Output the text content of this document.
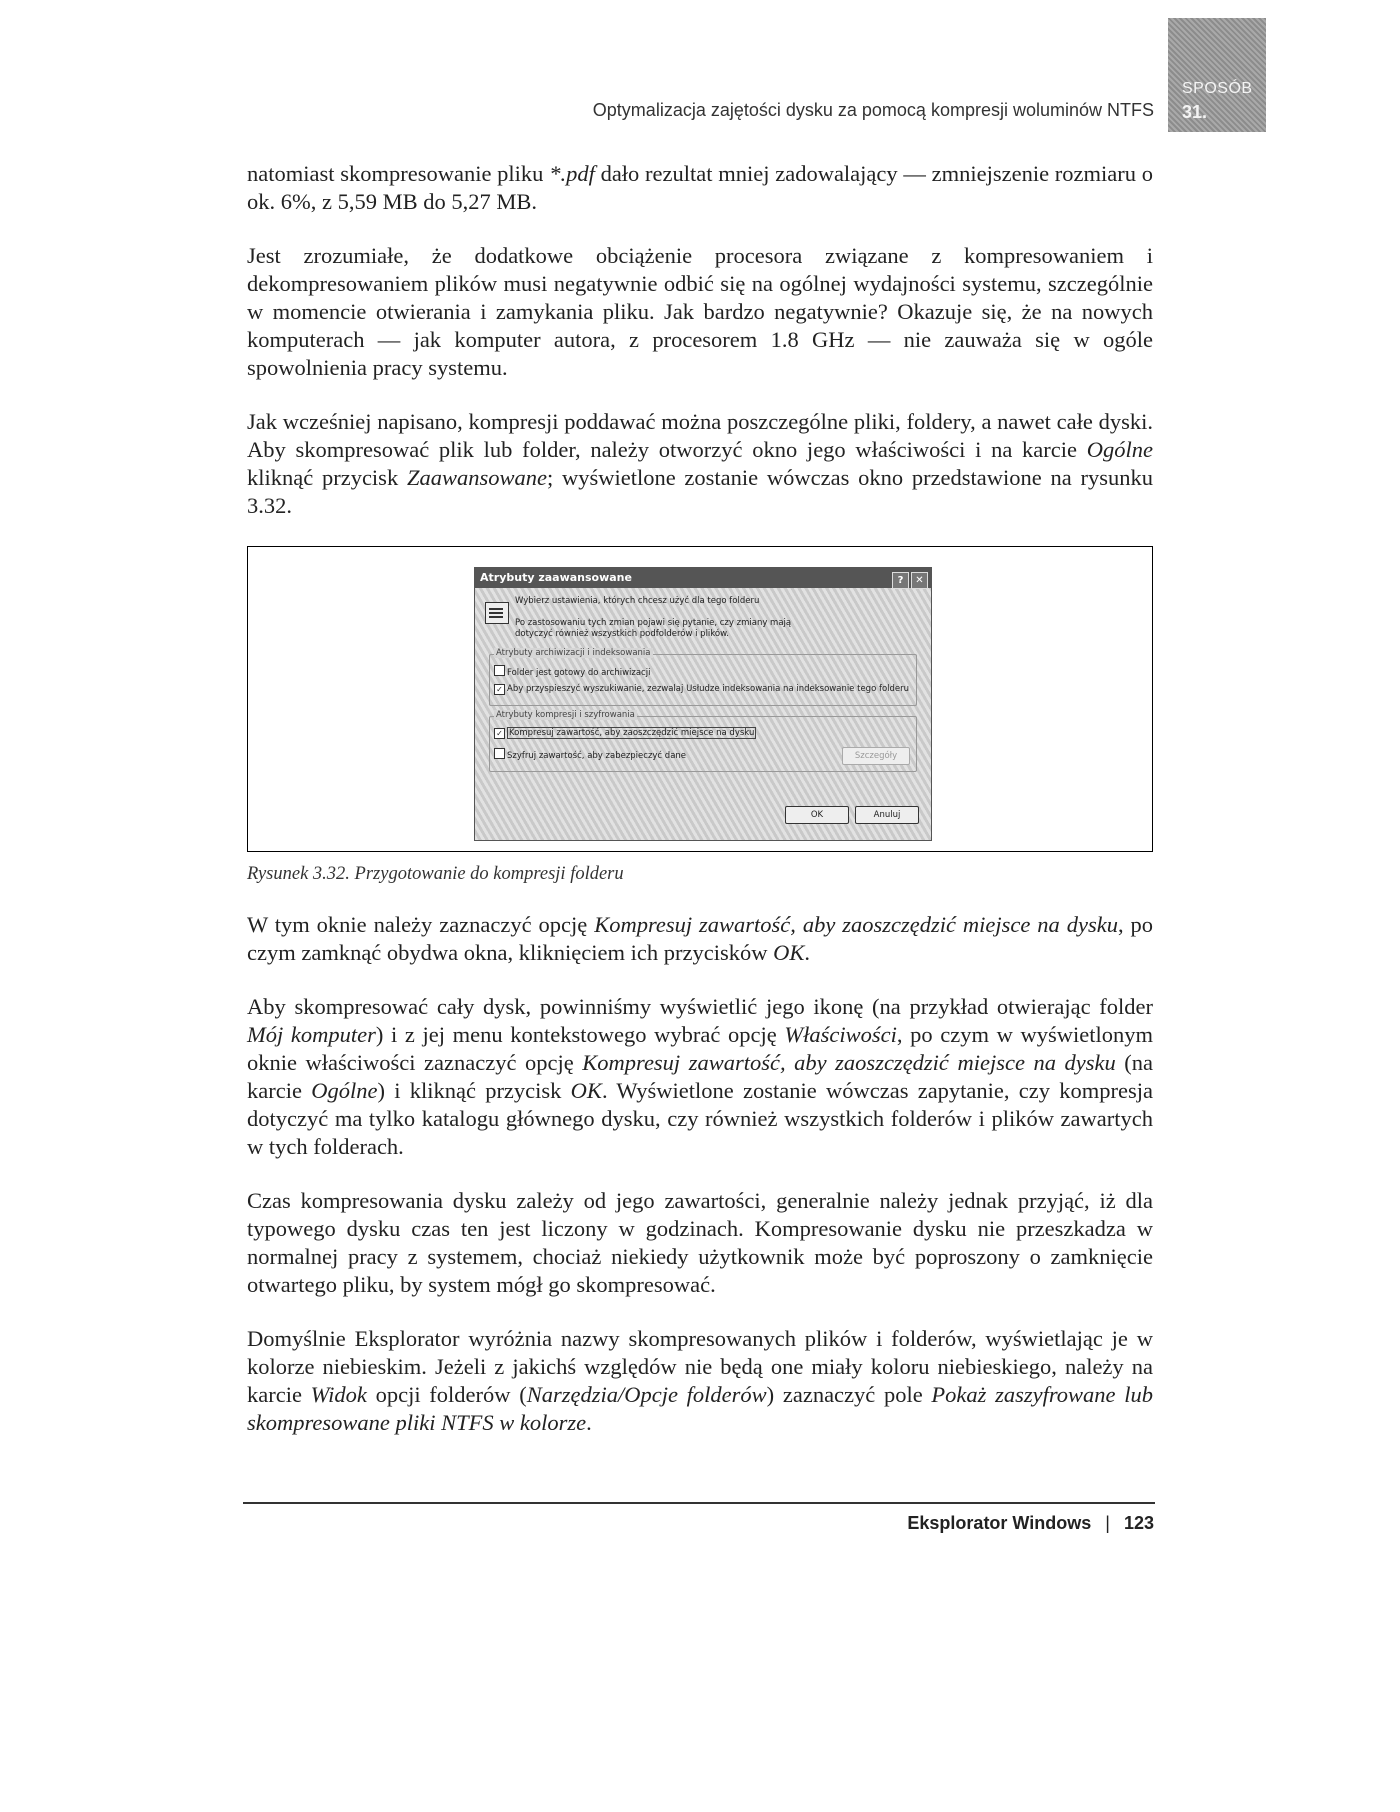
Optymalizacja zajętości dysku za pomocą kompresji woluminów NTFS
SPOSÓB
31.

natomiast skompresowanie pliku *.pdf dało rezultat mniej zadowalający — zmniejszenie rozmiaru o ok. 6%, z 5,59 MB do 5,27 MB.

Jest zrozumiałe, że dodatkowe obciążenie procesora związane z kompresowaniem i dekompresowaniem plików musi negatywnie odbić się na ogólnej wydajności systemu, szczególnie w momencie otwierania i zamykania pliku. Jak bardzo negatywnie? Okazuje się, że na nowych komputerach — jak komputer autora, z procesorem 1.8 GHz — nie zauważa się w ogóle spowolnienia pracy systemu.

Jak wcześniej napisano, kompresji poddawać można poszczególne pliki, foldery, a nawet całe dyski. Aby skompresować plik lub folder, należy otworzyć okno jego właściwości i na karcie Ogólne kliknąć przycisk Zaawansowane; wyświetlone zostanie wówczas okno przedstawione na rysunku 3.32.

Atrybuty zaawansowane	? ✕
Wybierz ustawienia, których chcesz użyć dla tego folderu
Po zastosowaniu tych zmian pojawi się pytanie, czy zmiany mają dotyczyć również wszystkich podfolderów i plików.
Atrybuty archiwizacji i indeksowania
Folder jest gotowy do archiwizacji
✓ Aby przyspieszyć wyszukiwanie, zezwalaj Usłudze indeksowania na indeksowanie tego folderu
Atrybuty kompresji i szyfrowania
✓ Kompresuj zawartość, aby zaoszczędzić miejsce na dysku
Szyfruj zawartość, aby zabezpieczyć dane	Szczegóły
OK	Anuluj
Rysunek 3.32. Przygotowanie do kompresji folderu

W tym oknie należy zaznaczyć opcję Kompresuj zawartość, aby zaoszczędzić miejsce na dysku, po czym zamknąć obydwa okna, kliknięciem ich przycisków OK.

Aby skompresować cały dysk, powinniśmy wyświetlić jego ikonę (na przykład otwierając folder Mój komputer) i z jej menu kontekstowego wybrać opcję Właściwości, po czym w wyświetlonym oknie właściwości zaznaczyć opcję Kompresuj zawartość, aby zaoszczędzić miejsce na dysku (na karcie Ogólne) i kliknąć przycisk OK. Wyświetlone zostanie wówczas zapytanie, czy kompresja dotyczyć ma tylko katalogu głównego dysku, czy również wszystkich folderów i plików zawartych w tych folderach.

Czas kompresowania dysku zależy od jego zawartości, generalnie należy jednak przyjąć, iż dla typowego dysku czas ten jest liczony w godzinach. Kompresowanie dysku nie przeszkadza w normalnej pracy z systemem, chociaż niekiedy użytkownik może być poproszony o zamknięcie otwartego pliku, by system mógł go skompresować.

Domyślnie Eksplorator wyróżnia nazwy skompresowanych plików i folderów, wyświetlając je w kolorze niebieskim. Jeżeli z jakichś względów nie będą one miały koloru niebieskiego, należy na karcie Widok opcji folderów (Narzędzia/Opcje folderów) zaznaczyć pole Pokaż zaszyfrowane lub skompresowane pliki NTFS w kolorze.

Eksplorator Windows | 123
